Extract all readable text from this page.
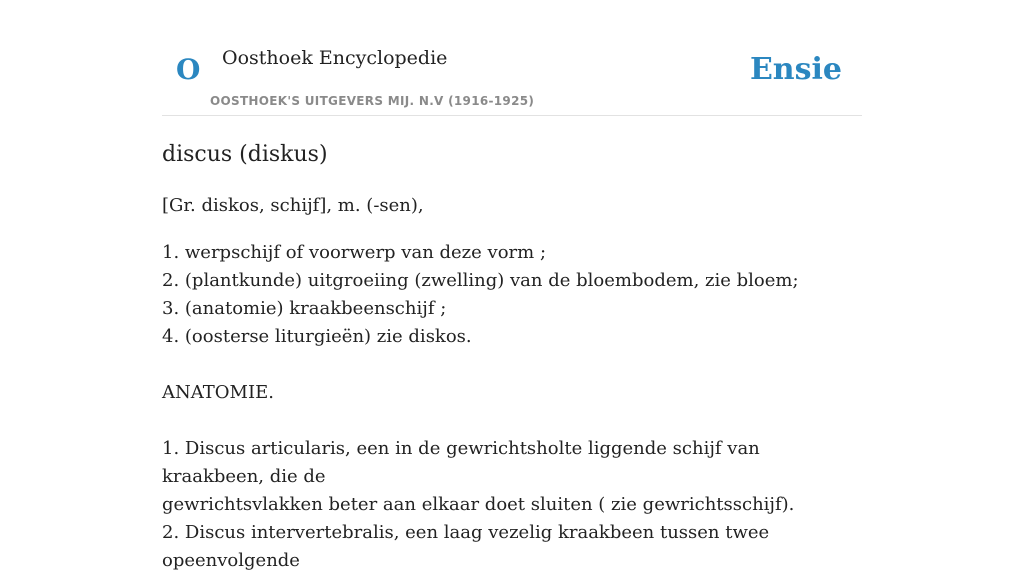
O Oosthoek Encyclopedie
OOSTHOEK'S UITGEVERS MIJ. N.V (1916-1925)
Ensie
discus (diskus)

[Gr. diskos, schijf], m. (-sen),

1. werpschijf of voorwerp van deze vorm ;
2. (plantkunde) uitgroeiing (zwelling) van de bloembodem, zie bloem;
3. (anatomie) kraakbeenschijf ;
4. (oosterse liturgieën) zie diskos.
ANATOMIE.
1. Discus articularis, een in de gewrichtsholte liggende schijf van kraakbeen, die de
gewrichtsvlakken beter aan elkaar doet sluiten ( zie gewrichtsschijf).
2. Discus intervertebralis, een laag vezelig kraakbeen tussen twee opeenvolgende
